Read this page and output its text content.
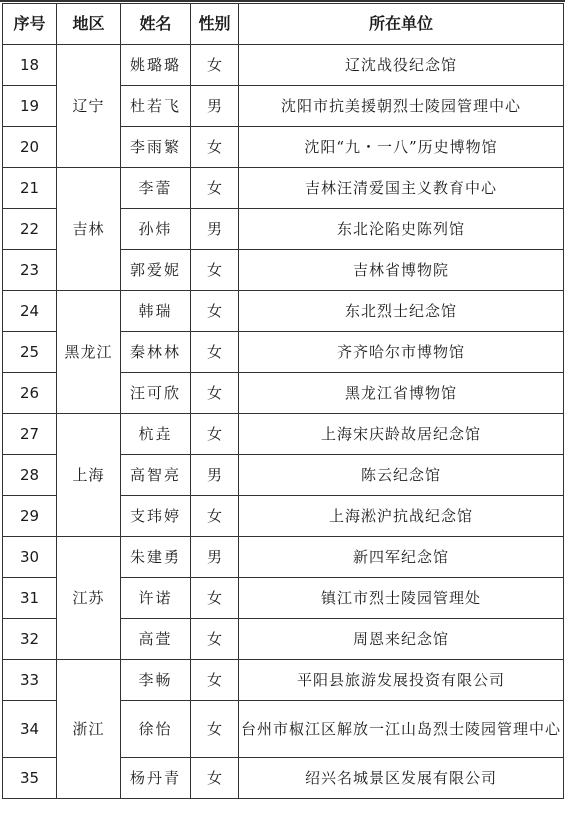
序号	地区	姓名	性别	所在单位
18	辽宁	姚璐璐	女	辽沈战役纪念馆
19		杜若飞	男	沈阳市抗美援朝烈士陵园管理中心
20		李雨繁	女	沈阳“九・一八”历史博物馆
21	吉林	李蕾	女	吉林汪清爱国主义教育中心
22		孙炜	男	东北沦陷史陈列馆
23		郭爱妮	女	吉林省博物院
24	黑龙江	韩瑞	女	东北烈士纪念馆
25		秦林林	女	齐齐哈尔市博物馆
26		汪可欣	女	黑龙江省博物馆
27	上海	杭垚	女	上海宋庆龄故居纪念馆
28		高智亮	男	陈云纪念馆
29		支玮婷	女	上海淞沪抗战纪念馆
30	江苏	朱建勇	男	新四军纪念馆
31		许诺	女	镇江市烈士陵园管理处
32		高萱	女	周恩来纪念馆
33	浙江	李畅	女	平阳县旅游发展投资有限公司
34		徐怡	女	台州市椒江区解放一江山岛烈士陵园管理中心
35		杨丹青	女	绍兴名城景区发展有限公司
